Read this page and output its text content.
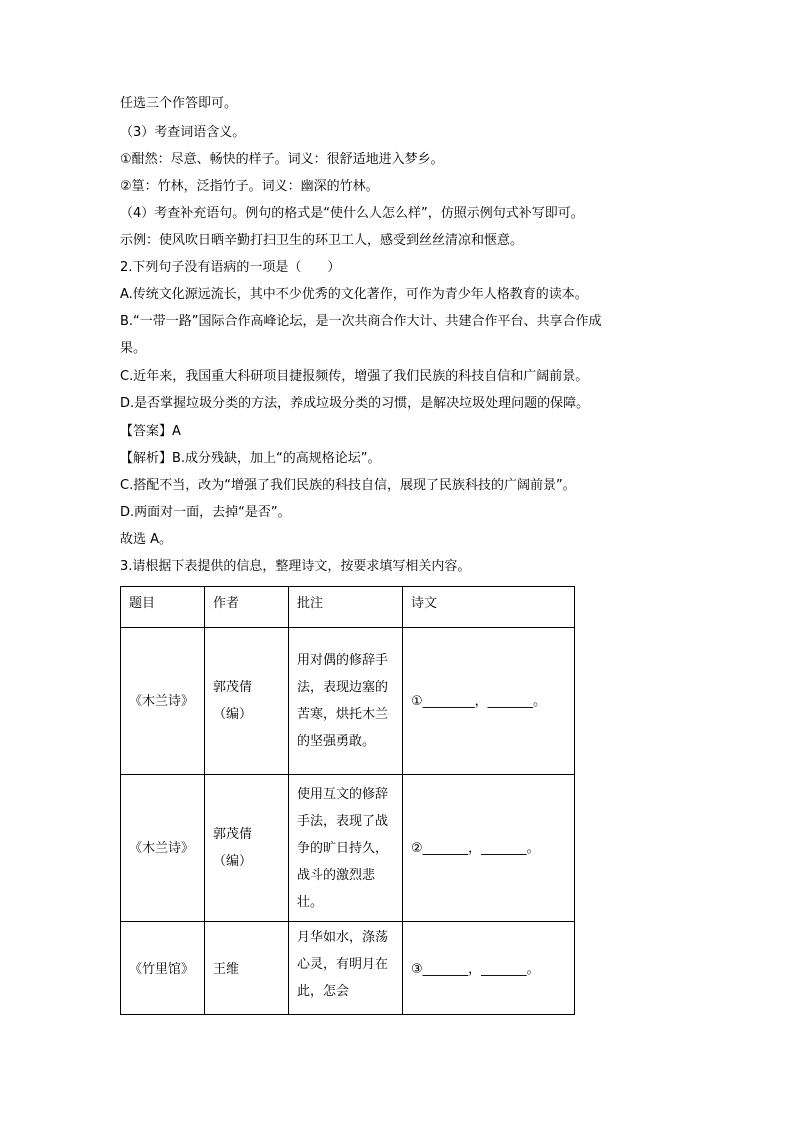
任选三个作答即可。
（3）考查词语含义。
①酣然：尽意、畅快的样子。词义：很舒适地进入梦乡。
②篁：竹林，泛指竹子。词义：幽深的竹林。
（4）考查补充语句。例句的格式是“使什么人怎么样”，仿照示例句式补写即可。
示例：使风吹日晒辛勤打扫卫生的环卫工人，感受到丝丝清凉和惬意。
2.下列句子没有语病的一项是（　　）
A.传统文化源远流长，其中不少优秀的文化著作，可作为青少年人格教育的读本。
B.“一带一路”国际合作高峰论坛，是一次共商合作大计、共建合作平台、共享合作成
果。
C.近年来，我国重大科研项目捷报频传，增强了我们民族的科技自信和广阔前景。
D.是否掌握垃圾分类的方法，养成垃圾分类的习惯，是解决垃圾处理问题的保障。
【答案】A
【解析】B.成分残缺，加上“的高规格论坛”。
C.搭配不当，改为“增强了我们民族的科技自信，展现了民族科技的广阔前景”。
D.两面对一面，去掉“是否”。
故选 A。
3.请根据下表提供的信息，整理诗文，按要求填写相关内容。
题目	作者	批注	诗文

《木兰诗》	郭茂倩（编）	用对偶的修辞手法，表现边塞的苦寒，烘托木兰的坚强勇敢。	①________，_______。

《木兰诗》	郭茂倩（编）	使用互文的修辞手法，表现了战争的旷日持久，战斗的激烈悲壮。	②_______，_______。

《竹里馆》	王维	月华如水，涤荡心灵，有明月在此，怎会	③_______，_______。
